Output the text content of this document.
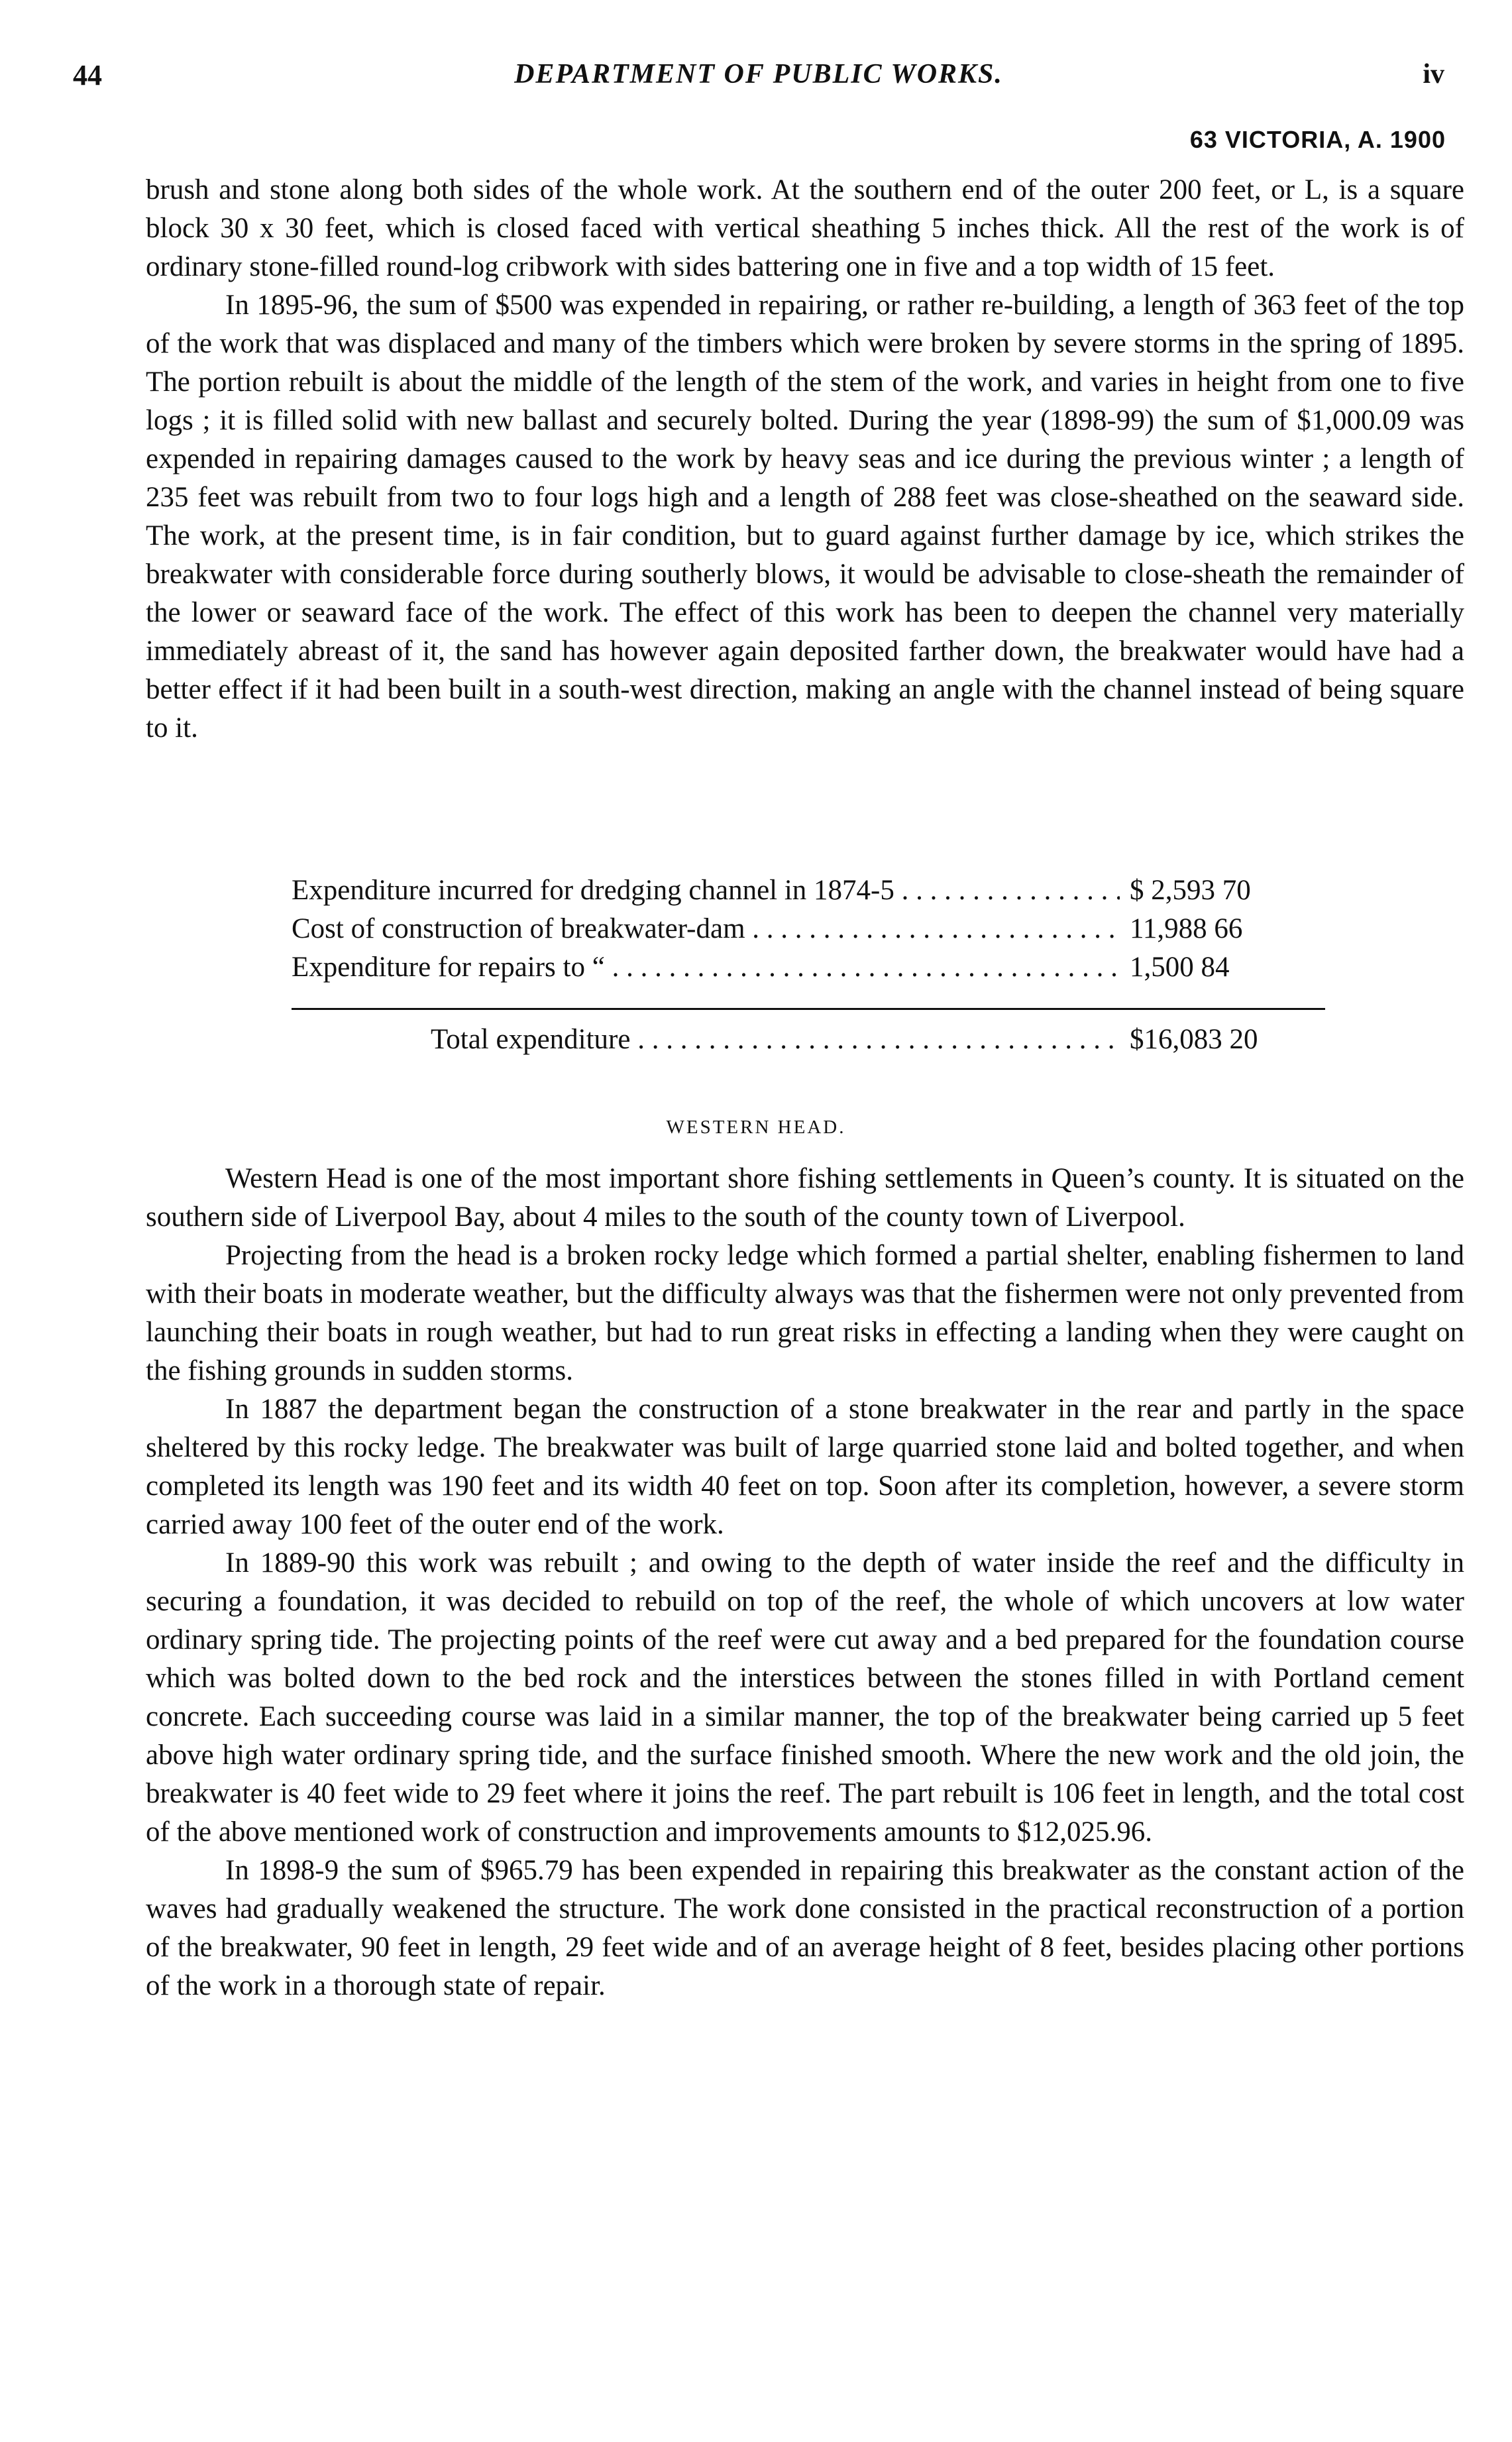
44	DEPARTMENT OF PUBLIC WORKS.	iv
63 VICTORIA, A. 1900

brush and stone along both sides of the whole work. At the southern end of the outer 200 feet, or L, is a square block 30 x 30 feet, which is closed faced with vertical sheathing 5 inches thick. All the rest of the work is of ordinary stone-filled round-log cribwork with sides battering one in five and a top width of 15 feet.

In 1895-96, the sum of $500 was expended in repairing, or rather re-building, a length of 363 feet of the top of the work that was displaced and many of the timbers which were broken by severe storms in the spring of 1895. The portion rebuilt is about the middle of the length of the stem of the work, and varies in height from one to five logs ; it is filled solid with new ballast and securely bolted. During the year (1898-99) the sum of $1,000.09 was expended in repairing damages caused to the work by heavy seas and ice during the previous winter ; a length of 235 feet was rebuilt from two to four logs high and a length of 288 feet was close-sheathed on the seaward side. The work, at the present time, is in fair condition, but to guard against further damage by ice, which strikes the breakwater with considerable force during southerly blows, it would be advisable to close-sheath the remainder of the lower or seaward face of the work. The effect of this work has been to deepen the channel very materially immediately abreast of it, the sand has however again deposited farther down, the breakwater would have had a better effect if it had been built in a south-west direction, making an angle with the channel instead of being square to it.

Expenditure incurred for dredging channel in 1874-5 . . .	$ 2,593 70
Cost of construction of breakwater-dam . . .	11,988 66
Expenditure for repairs to “ . . .	1,500 84
Total expenditure . . .	$16,083 20
WESTERN HEAD.

Western Head is one of the most important shore fishing settlements in Queen’s county. It is situated on the southern side of Liverpool Bay, about 4 miles to the south of the county town of Liverpool.

Projecting from the head is a broken rocky ledge which formed a partial shelter, enabling fishermen to land with their boats in moderate weather, but the difficulty always was that the fishermen were not only prevented from launching their boats in rough weather, but had to run great risks in effecting a landing when they were caught on the fishing grounds in sudden storms.

In 1887 the department began the construction of a stone breakwater in the rear and partly in the space sheltered by this rocky ledge. The breakwater was built of large quarried stone laid and bolted together, and when completed its length was 190 feet and its width 40 feet on top. Soon after its completion, however, a severe storm carried away 100 feet of the outer end of the work.

In 1889-90 this work was rebuilt ; and owing to the depth of water inside the reef and the difficulty in securing a foundation, it was decided to rebuild on top of the reef, the whole of which uncovers at low water ordinary spring tide. The projecting points of the reef were cut away and a bed prepared for the foundation course which was bolted down to the bed rock and the interstices between the stones filled in with Portland cement concrete. Each succeeding course was laid in a similar manner, the top of the breakwater being carried up 5 feet above high water ordinary spring tide, and the surface finished smooth. Where the new work and the old join, the breakwater is 40 feet wide to 29 feet where it joins the reef. The part rebuilt is 106 feet in length, and the total cost of the above mentioned work of construction and improvements amounts to $12,025.96.

In 1898-9 the sum of $965.79 has been expended in repairing this breakwater as the constant action of the waves had gradually weakened the structure. The work done consisted in the practical reconstruction of a portion of the breakwater, 90 feet in length, 29 feet wide and of an average height of 8 feet, besides placing other portions of the work in a thorough state of repair.
